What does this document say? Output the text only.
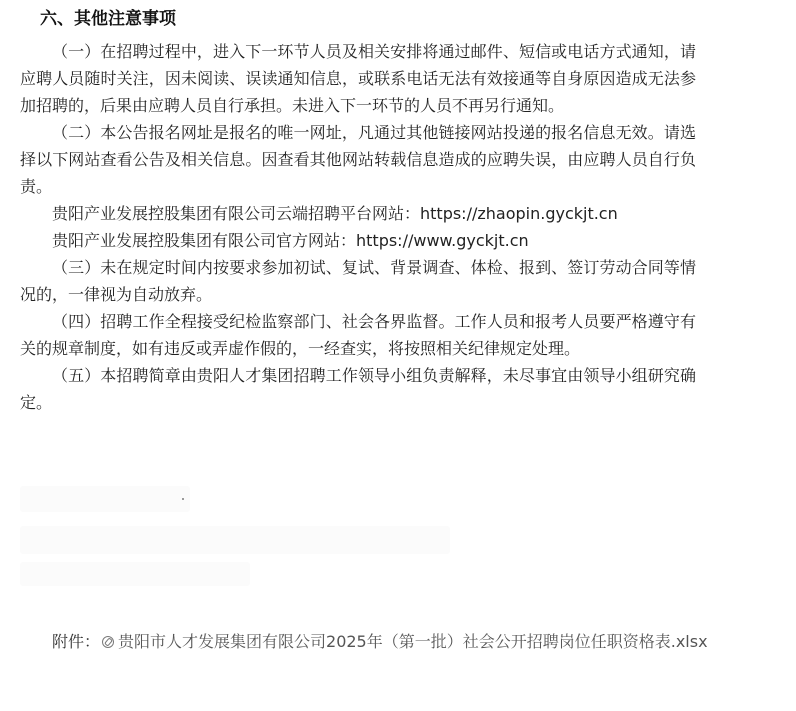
六、其他注意事项

（一）在招聘过程中，进入下一环节人员及相关安排将通过邮件、短信或电话方式通知，请应聘人员随时关注，因未阅读、误读通知信息，或联系电话无法有效接通等自身原因造成无法参加招聘的，后果由应聘人员自行承担。未进入下一环节的人员不再另行通知。

（二）本公告报名网址是报名的唯一网址，凡通过其他链接网站投递的报名信息无效。请选择以下网站查看公告及相关信息。因查看其他网站转载信息造成的应聘失误，由应聘人员自行负责。

贵阳产业发展控股集团有限公司云端招聘平台网站：https://zhaopin.gyckjt.cn

贵阳产业发展控股集团有限公司官方网站：https://www.gyckjt.cn

（三）未在规定时间内按要求参加初试、复试、背景调查、体检、报到、签订劳动合同等情况的，一律视为自动放弃。

（四）招聘工作全程接受纪检监察部门、社会各界监督。工作人员和报考人员要严格遵守有关的规章制度，如有违反或弄虚作假的，一经查实，将按照相关纪律规定处理。

（五）本招聘简章由贵阳人才集团招聘工作领导小组负责解释，未尽事宜由领导小组研究确定。

附件： 贵阳市人才发展集团有限公司2025年（第一批）社会公开招聘岗位任职资格表.xlsx
